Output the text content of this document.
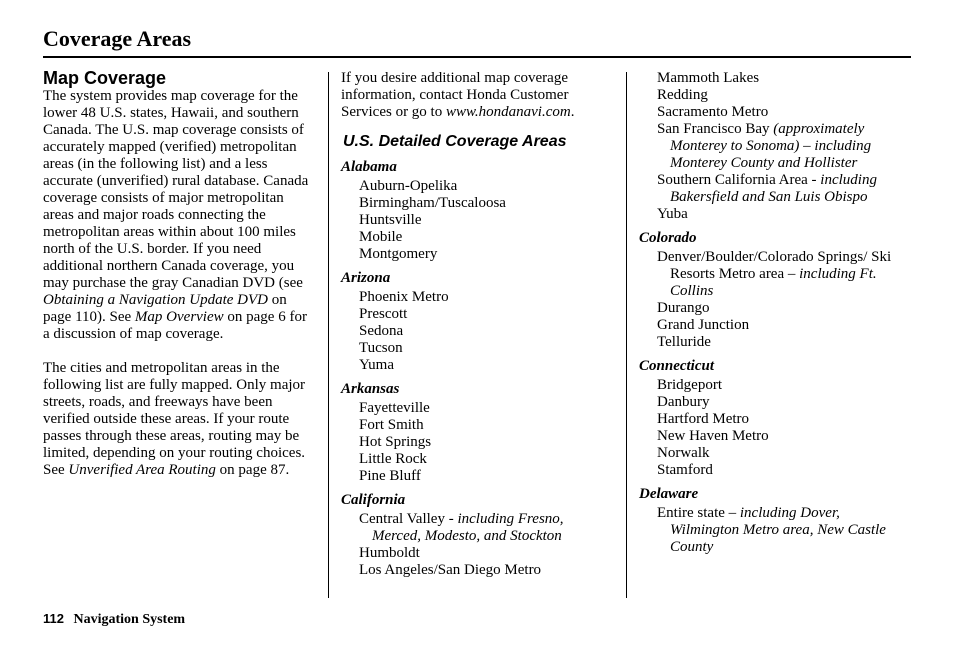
Coverage Areas
Map Coverage

The system provides map coverage for the lower 48 U.S. states, Hawaii, and southern Canada. The U.S. map coverage consists of accurately mapped (verified) metropolitan areas (in the following list) and a less accurate (unverified) rural database. Canada coverage consists of major metropolitan areas and major roads connecting the metropolitan areas within about 100 miles north of the U.S. border. If you need additional northern Canada coverage, you may purchase the gray Canadian DVD (see Obtaining a Navigation Update DVD on page 110). See Map Overview on page 6 for a discussion of map coverage.

The cities and metropolitan areas in the following list are fully mapped. Only major streets, roads, and freeways have been verified outside these areas. If your route passes through these areas, routing may be limited, depending on your routing choices. See Unverified Area Routing on page 87.

If you desire additional map coverage information, contact Honda Customer Services or go to www.hondanavi.com.

U.S. Detailed Coverage Areas
Alabama
Auburn-Opelika
Birmingham/Tuscaloosa
Huntsville
Mobile
Montgomery
Arizona
Phoenix Metro
Prescott
Sedona
Tucson
Yuma
Arkansas
Fayetteville
Fort Smith
Hot Springs
Little Rock
Pine Bluff
California
Central Valley - including Fresno, Merced, Modesto, and Stockton
Humboldt
Los Angeles/San Diego Metro
Mammoth Lakes
Redding
Sacramento Metro
San Francisco Bay (approximately Monterey to Sonoma) – including Monterey County and Hollister
Southern California Area - including Bakersfield and San Luis Obispo
Yuba
Colorado
Denver/Boulder/Colorado Springs/ Ski Resorts Metro area – including Ft. Collins
Durango
Grand Junction
Telluride
Connecticut
Bridgeport
Danbury
Hartford Metro
New Haven Metro
Norwalk
Stamford
Delaware
Entire state – including Dover, Wilmington Metro area, New Castle County
112 Navigation System
